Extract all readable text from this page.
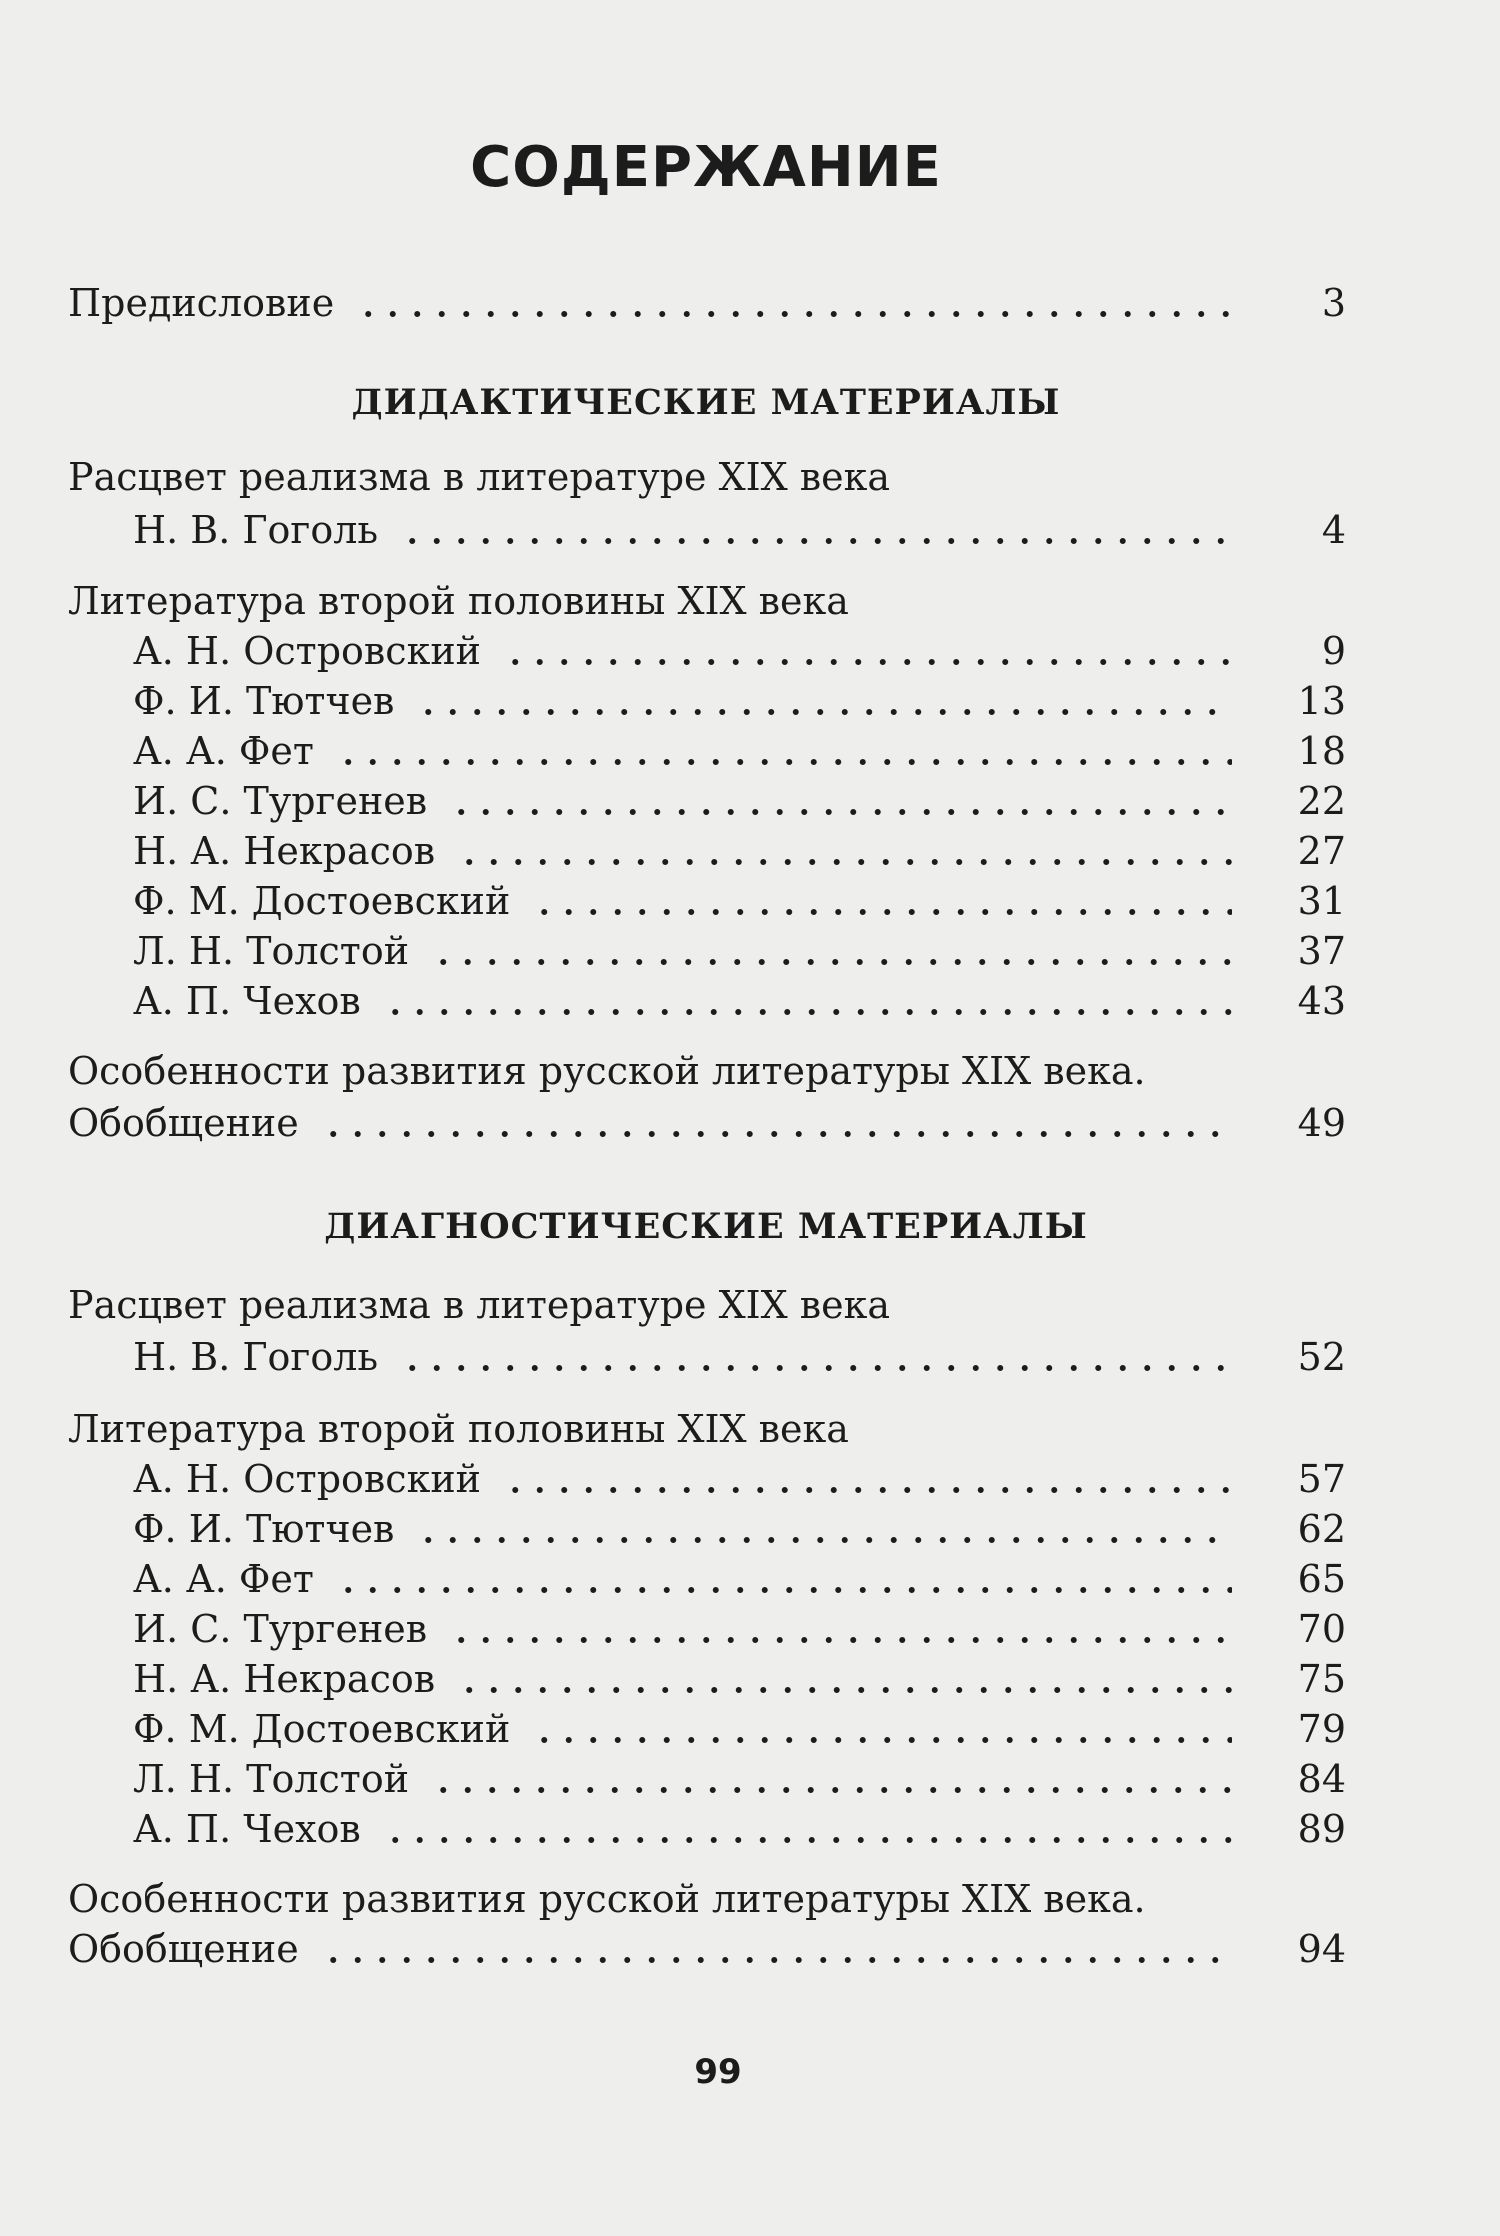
СОДЕРЖАНИЕ
Предисловие	3
ДИДАКТИЧЕСКИЕ МАТЕРИАЛЫ
Расцвет реализма в литературе XIX века
Н. В. Гоголь	4
Литература второй половины XIX века
А. Н. Островский	9
Ф. И. Тютчев	13
А. А. Фет	18
И. С. Тургенев	22
Н. А. Некрасов	27
Ф. М. Достоевский	31
Л. Н. Толстой	37
А. П. Чехов	43
Особенности развития русской литературы XIX века.
Обобщение	49
ДИАГНОСТИЧЕСКИЕ МАТЕРИАЛЫ
Расцвет реализма в литературе XIX века
Н. В. Гоголь	52
Литература второй половины XIX века
А. Н. Островский	57
Ф. И. Тютчев	62
А. А. Фет	65
И. С. Тургенев	70
Н. А. Некрасов	75
Ф. М. Достоевский	79
Л. Н. Толстой	84
А. П. Чехов	89
Особенности развития русской литературы XIX века.
Обобщение	94
99
